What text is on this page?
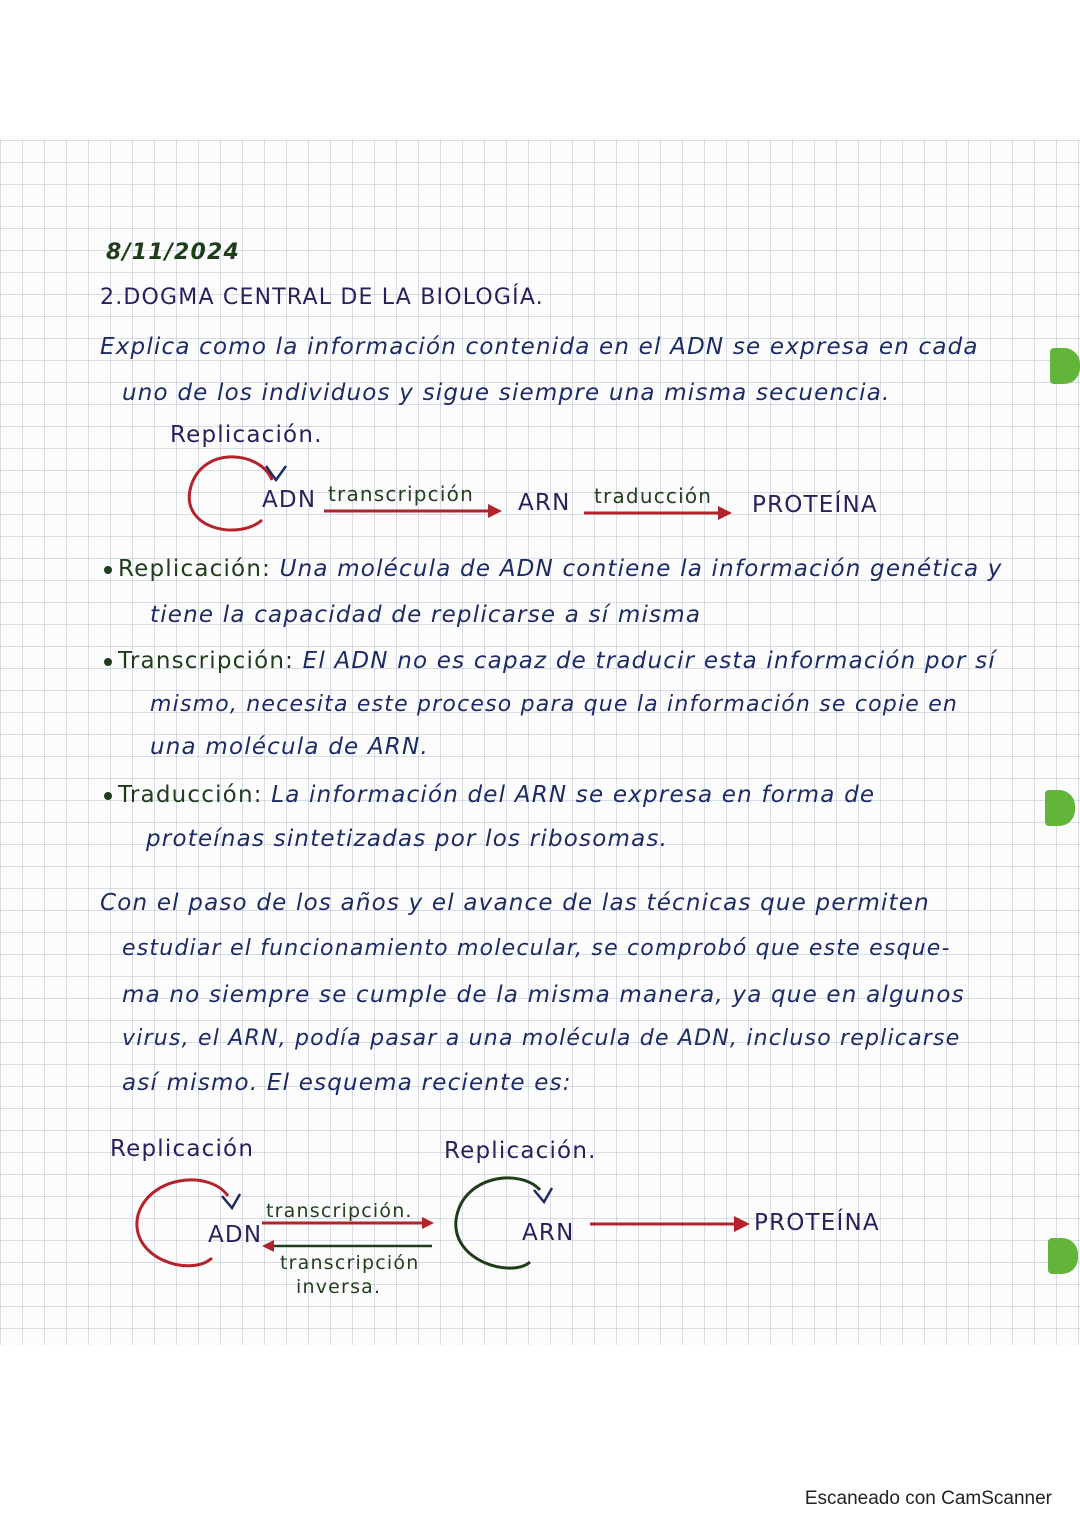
8/11/2024
2.DOGMA CENTRAL DE LA BIOLOGÍA.
Explica como la información contenida en el ADN se expresa en cada
uno de los individuos y sigue siempre una misma secuencia.
Replicación.
ADN transcripción ARN traducción PROTEÍNA
Replicación: Una molécula de ADN contiene la información genética y
tiene la capacidad de replicarse a sí misma
Transcripción: El ADN no es capaz de traducir esta información por sí
mismo, necesita este proceso para que la información se copie en
una molécula de ARN.
Traducción: La información del ARN se expresa en forma de
proteínas sintetizadas por los ribosomas.
Con el paso de los años y el avance de las técnicas que permiten
estudiar el funcionamiento molecular, se comprobó que este esque-
ma no siempre se cumple de la misma manera, ya que en algunos
virus, el ARN, podía pasar a una molécula de ADN, incluso replicarse
así mismo. El esquema reciente es:
Replicación	Replicación.
ADN
transcripción.
transcripción
inversa.
ARN	PROTEÍNA
Escaneado con CamScanner
